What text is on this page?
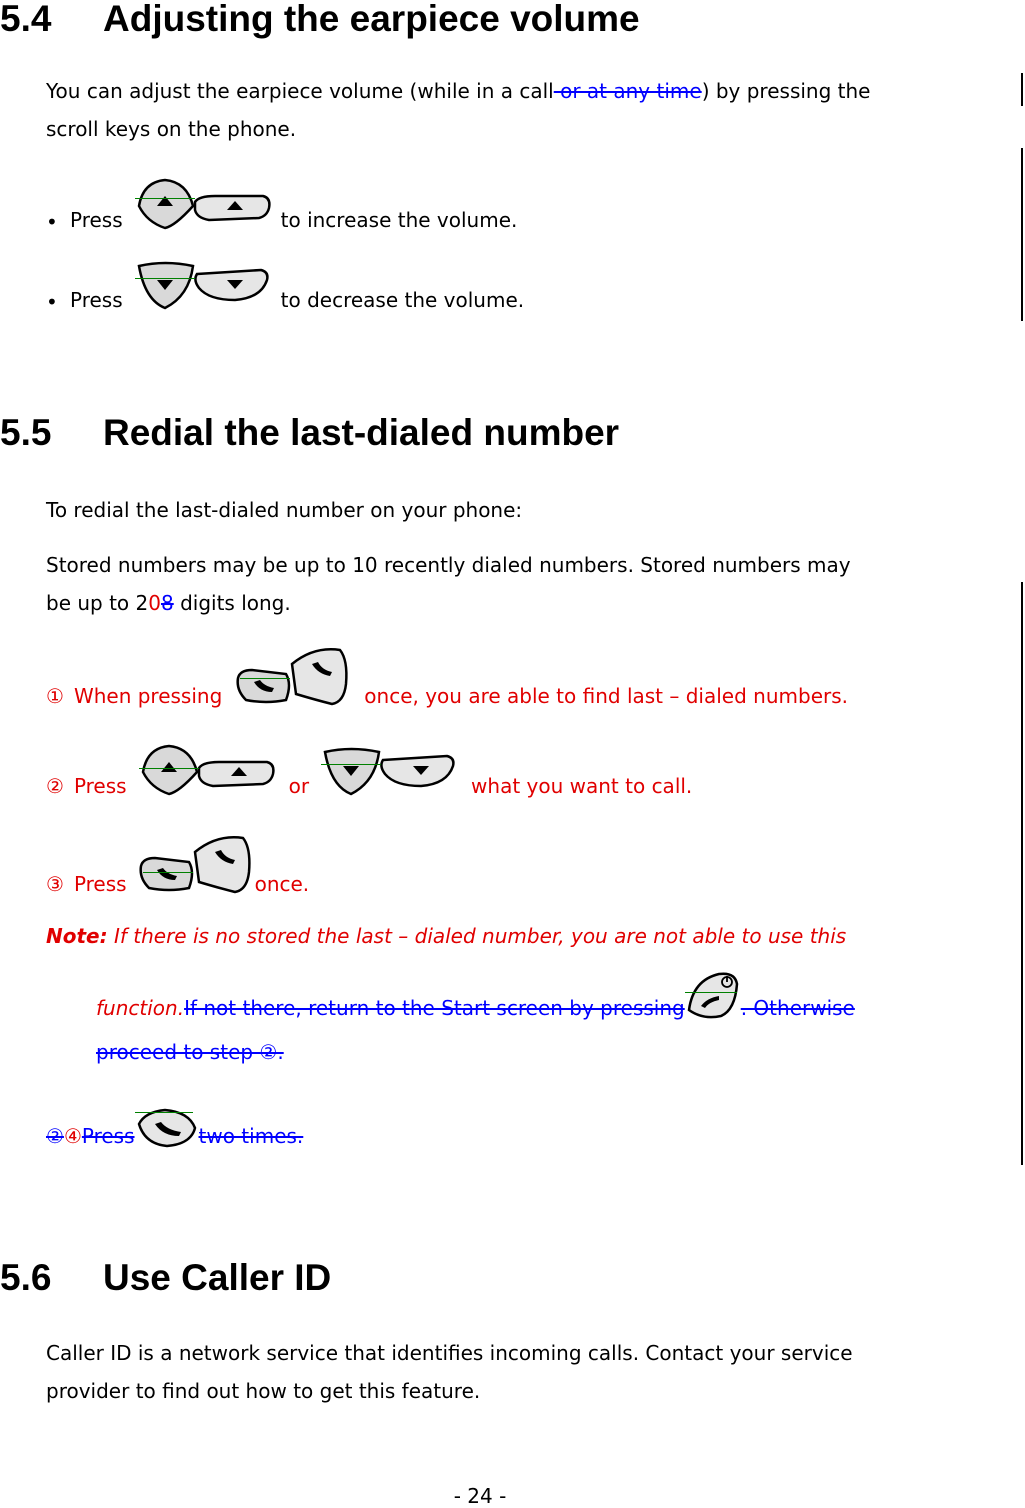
5.4 Adjusting the earpiece volume
You can adjust the earpiece volume (while in a call or at any time) by pressing the
scroll keys on the phone.
• Press	to increase the volume.
• Press	to decrease the volume.
5.5 Redial the last-dialed number
To redial the last-dialed number on your phone:
Stored numbers may be up to 10 recently dialed numbers. Stored numbers may
be up to 208 digits long.
① When pressing	once, you are able to find last – dialed numbers.
② Press	or	what you want to call.
③ Press	once.
Note: If there is no stored the last – dialed number, you are not able to use this
function. If not there, return to the Start screen by pressing	. Otherwise
proceed to step ②.
② ④ Press	two times.
5.6 Use Caller ID
Caller ID is a network service that identifies incoming calls. Contact your service
provider to find out how to get this feature.
- 24 -
